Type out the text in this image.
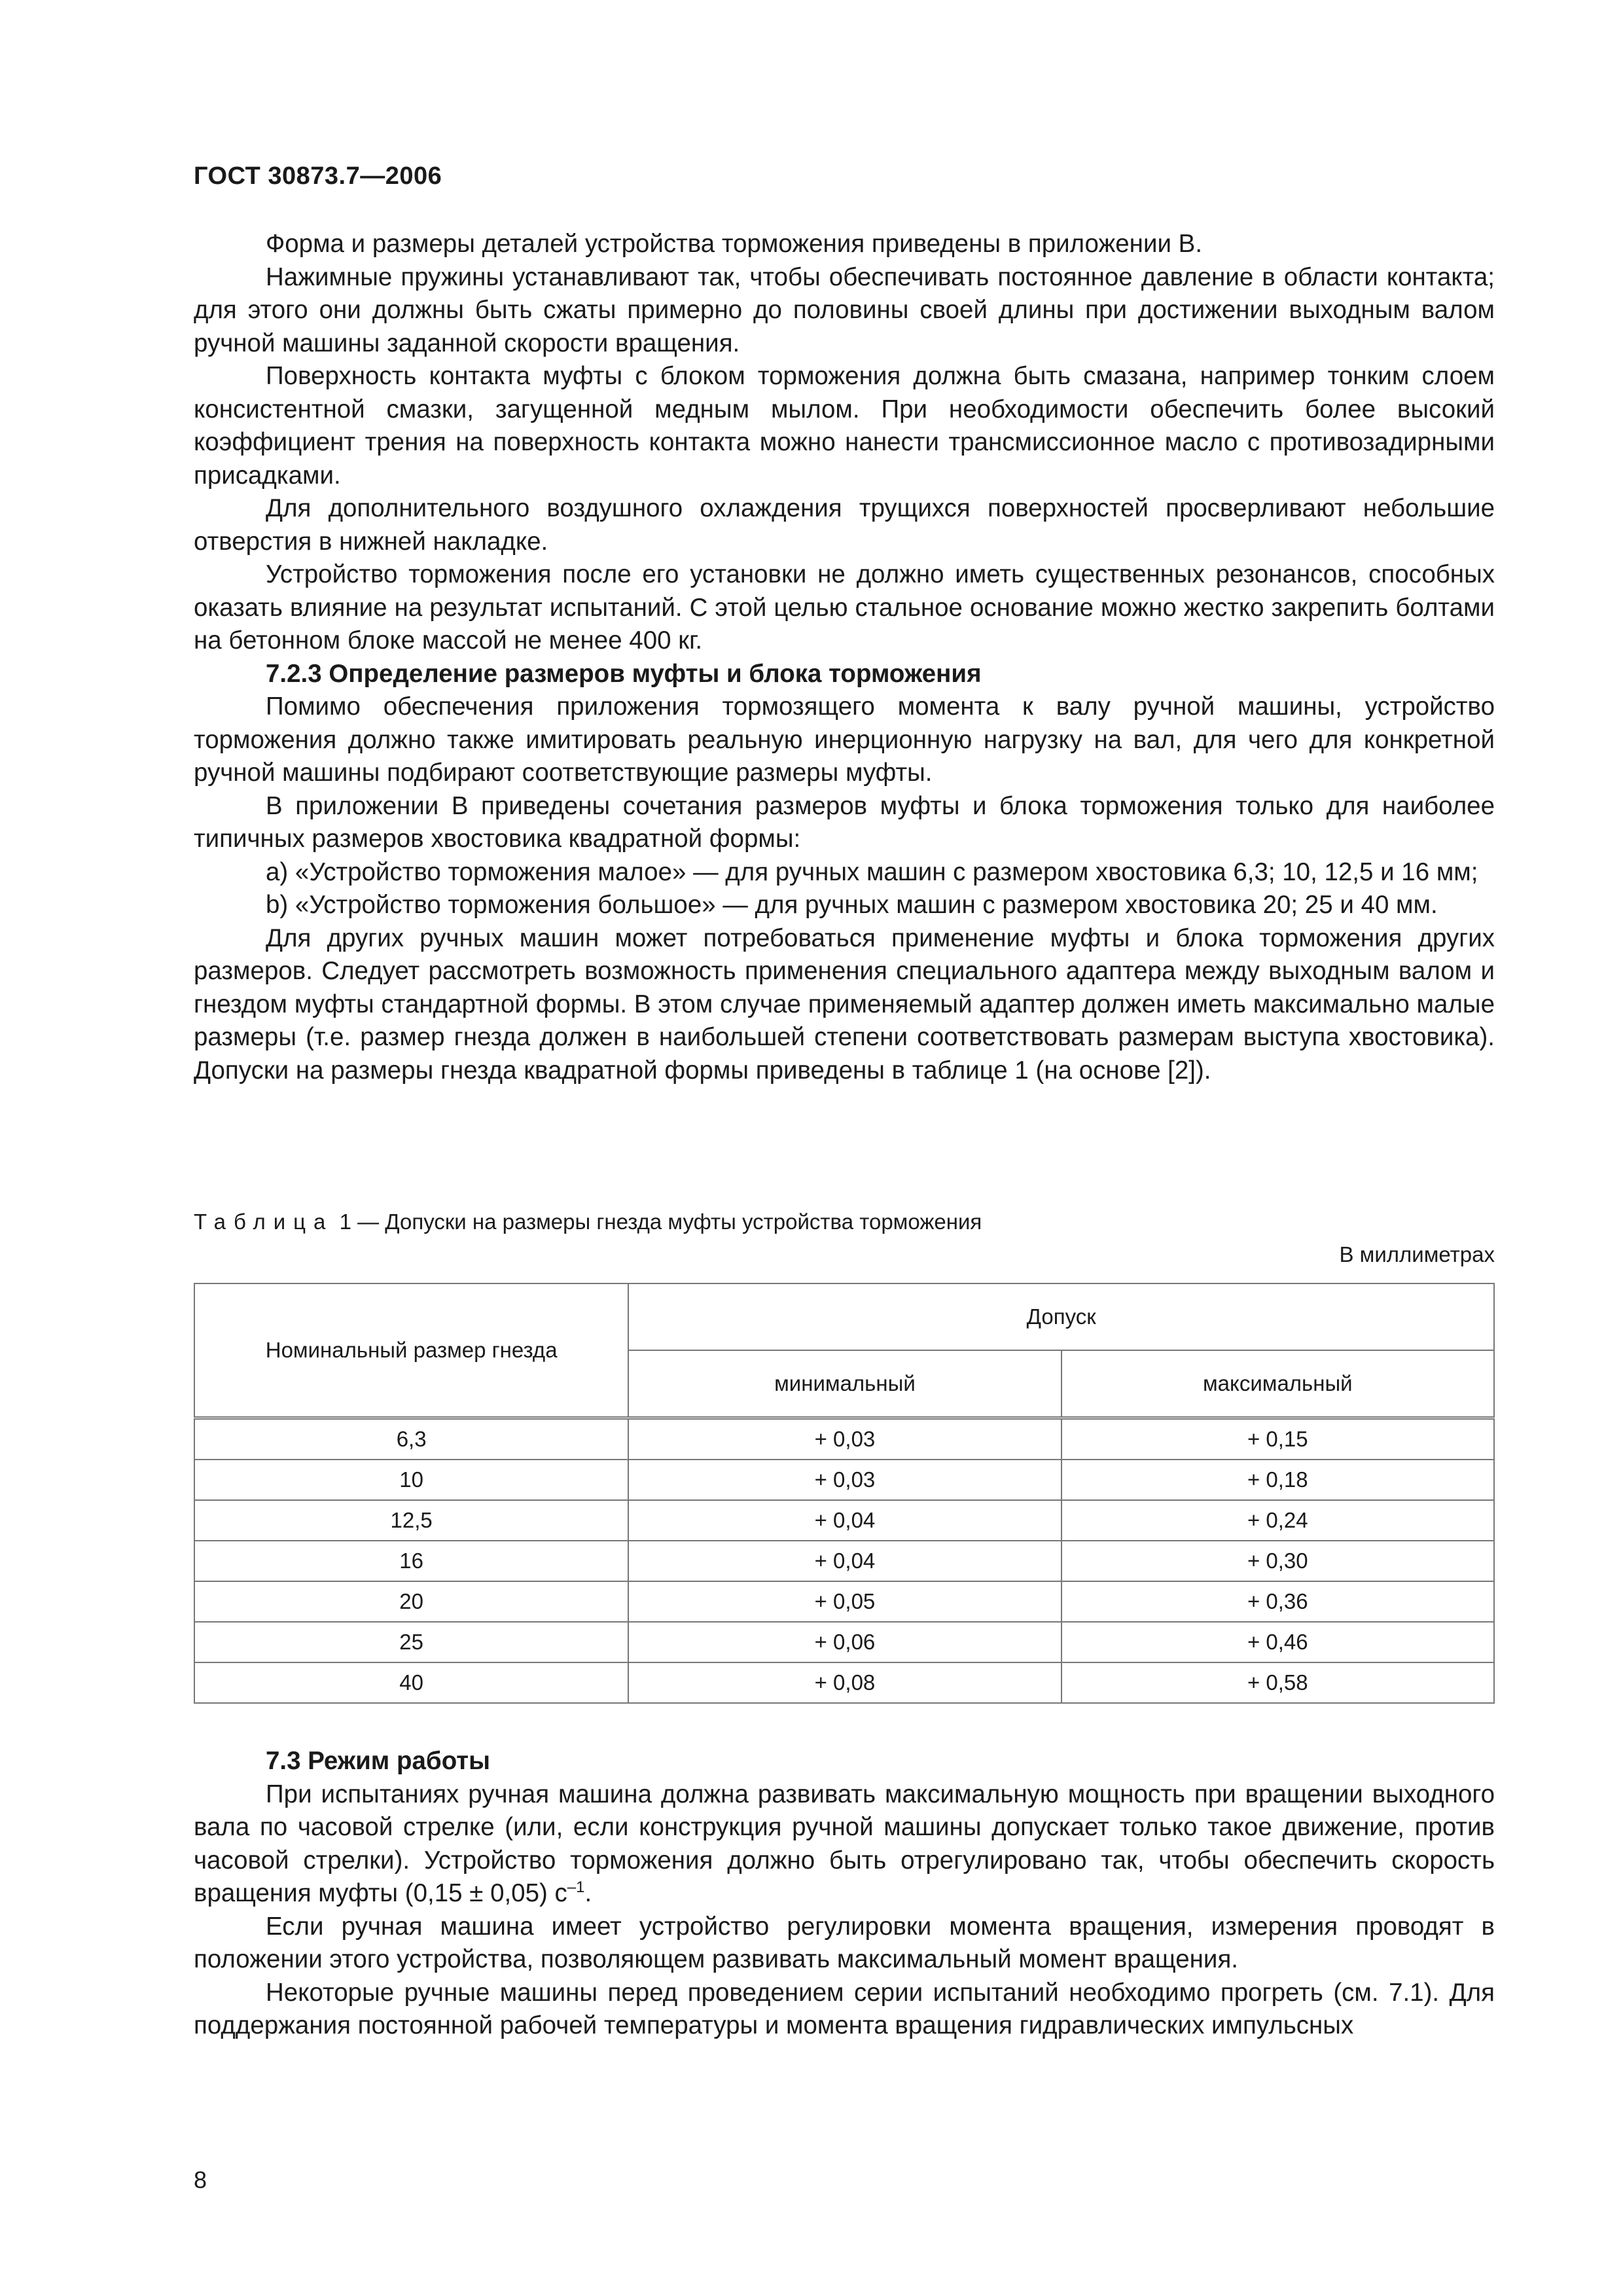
ГОСТ 30873.7—2006

Форма и размеры деталей устройства торможения приведены в приложении В.

Нажимные пружины устанавливают так, чтобы обеспечивать постоянное давление в области контакта; для этого они должны быть сжаты примерно до половины своей длины при достижении выходным валом ручной машины заданной скорости вращения.

Поверхность контакта муфты с блоком торможения должна быть смазана, например тонким слоем консистентной смазки, загущенной медным мылом. При необходимости обеспечить более высокий коэффициент трения на поверхность контакта можно нанести трансмиссионное масло с противозадирными присадками.

Для дополнительного воздушного охлаждения трущихся поверхностей просверливают небольшие отверстия в нижней накладке.

Устройство торможения после его установки не должно иметь существенных резонансов, способных оказать влияние на результат испытаний. С этой целью стальное основание можно жестко закрепить болтами на бетонном блоке массой не менее 400 кг.

7.2.3 Определение размеров муфты и блока торможения

Помимо обеспечения приложения тормозящего момента к валу ручной машины, устройство торможения должно также имитировать реальную инерционную нагрузку на вал, для чего для конкретной ручной машины подбирают соответствующие размеры муфты.

В приложении В приведены сочетания размеров муфты и блока торможения только для наиболее типичных размеров хвостовика квадратной формы:

a) «Устройство торможения малое» — для ручных машин с размером хвостовика 6,3; 10, 12,5 и 16 мм;

b) «Устройство торможения большое» — для ручных машин с размером хвостовика 20; 25 и 40 мм.

Для других ручных машин может потребоваться применение муфты и блока торможения других размеров. Следует рассмотреть возможность применения специального адаптера между выходным валом и гнездом муфты стандартной формы. В этом случае применяемый адаптер должен иметь максимально малые размеры (т.е. размер гнезда должен в наибольшей степени соответствовать размерам выступа хвостовика). Допуски на размеры гнезда квадратной формы приведены в таблице 1 (на основе [2]).

Таблица 1 — Допуски на размеры гнезда муфты устройства торможения
В миллиметрах
Номинальный размер гнезда	Допуск	
	минимальный	максимальный
6,3	+ 0,03	+ 0,15
10	+ 0,03	+ 0,18
12,5	+ 0,04	+ 0,24
16	+ 0,04	+ 0,30
20	+ 0,05	+ 0,36
25	+ 0,06	+ 0,46
40	+ 0,08	+ 0,58
7.3 Режим работы

При испытаниях ручная машина должна развивать максимальную мощность при вращении выходного вала по часовой стрелке (или, если конструкция ручной машины допускает только такое движение, против часовой стрелки). Устройство торможения должно быть отрегулировано так, чтобы обеспечить скорость вращения муфты (0,15 ± 0,05) $с^{-1}$.

Если ручная машина имеет устройство регулировки момента вращения, измерения проводят в положении этого устройства, позволяющем развивать максимальный момент вращения.

Некоторые ручные машины перед проведением серии испытаний необходимо прогреть (см. 7.1). Для поддержания постоянной рабочей температуры и момента вращения гидравлических импульсных

8
